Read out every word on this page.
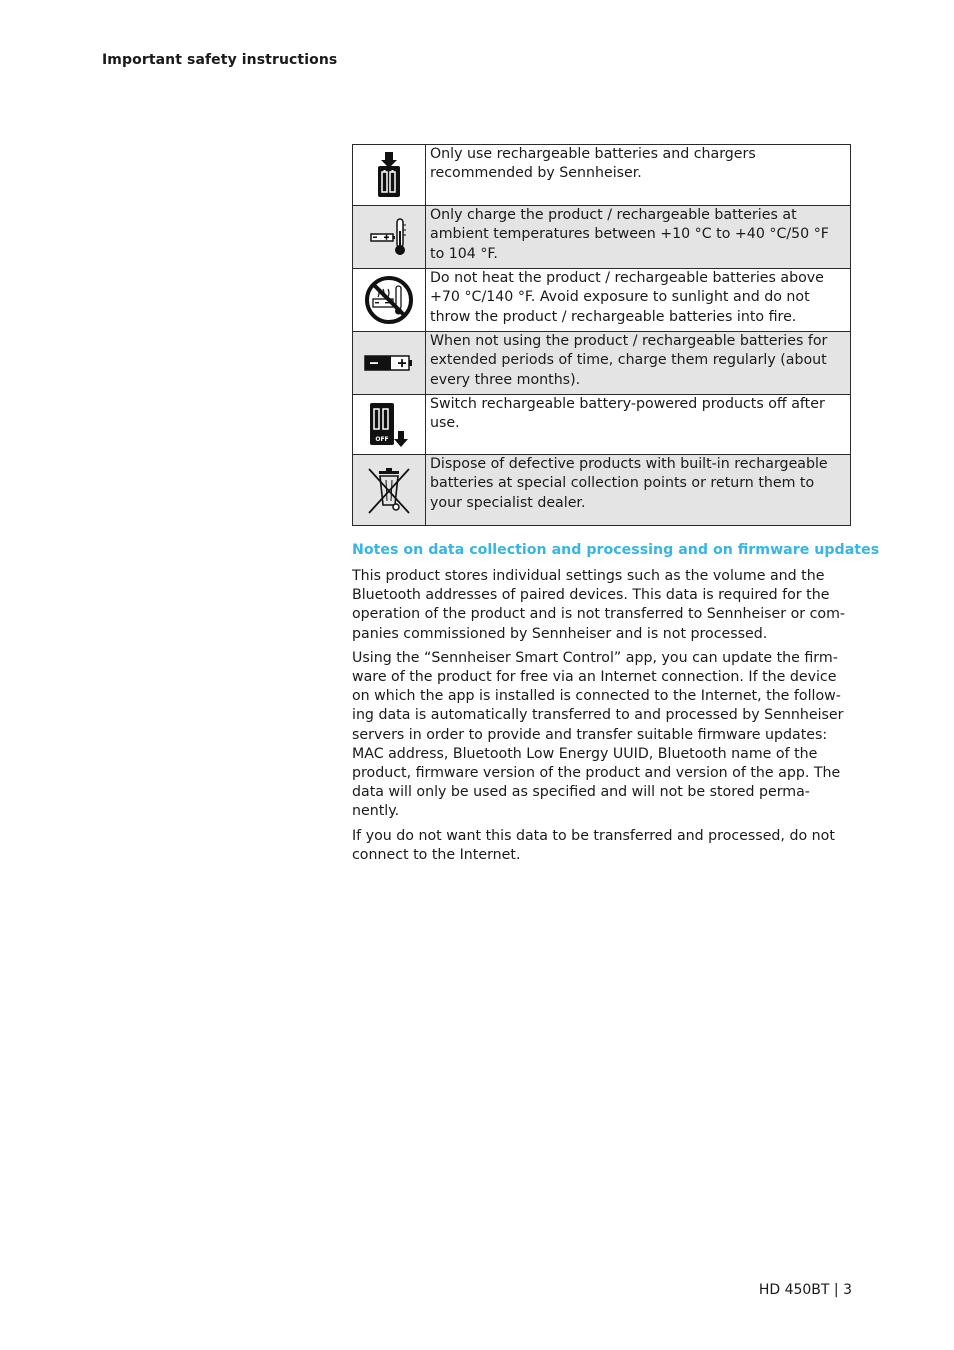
Important safety instructions
	Only use rechargeable batteries and chargers recommended by Sennheiser.

	Only charge the product / rechargeable batteries at ambient temperatures between +10 °C to +40 °C/50 °F to 104 °F.

	Do not heat the product / rechargeable batteries above +70 °C/140 °F. Avoid exposure to sunlight and do not throw the product / rechargeable batteries into fire.

	When not using the product / rechargeable batteries for extended periods of time, charge them regularly (about every three months).

OFF	Switch rechargeable battery-powered products off after use.

	Dispose of defective products with built-in rechargeable batteries at special collection points or return them to your specialist dealer.
Notes on data collection and processing and on firmware updates

This product stores individual settings such as the volume and the Bluetooth addresses of paired devices. This data is required for the operation of the product and is not transferred to Sennheiser or com-panies commissioned by Sennheiser and is not processed.

Using the “Sennheiser Smart Control” app, you can update the firm-ware of the product for free via an Internet connection. If the device on which the app is installed is connected to the Internet, the follow-ing data is automatically transferred to and processed by Sennheiser servers in order to provide and transfer suitable firmware updates: MAC address, Bluetooth Low Energy UUID, Bluetooth name of the product, firmware version of the product and version of the app. The data will only be used as specified and will not be stored perma-nently.

If you do not want this data to be transferred and processed, do not connect to the Internet.

HD 450BT | 3
